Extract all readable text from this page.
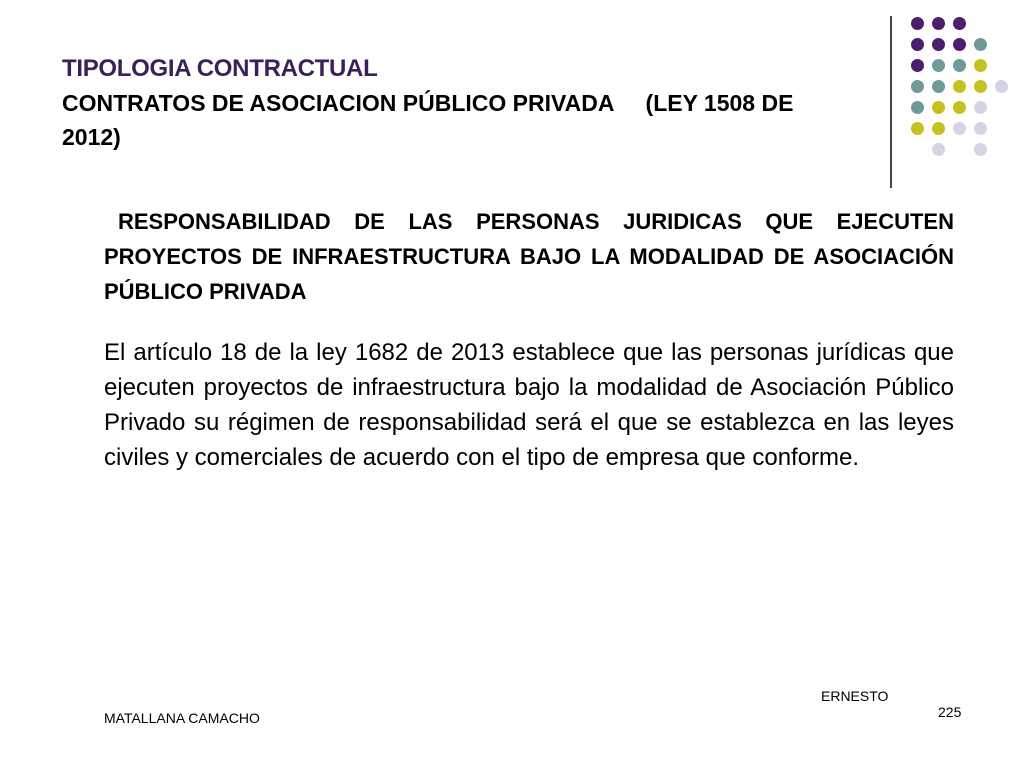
TIPOLOGIA CONTRACTUAL
CONTRATOS DE ASOCIACION PÚBLICO PRIVADA     (LEY 1508 DE 2012)

RESPONSABILIDAD DE LAS PERSONAS JURIDICAS QUE EJECUTEN PROYECTOS DE INFRAESTRUCTURA BAJO LA MODALIDAD DE ASOCIACIÓN PÚBLICO PRIVADA

El artículo 18 de la ley 1682 de 2013 establece que las personas jurídicas que ejecuten proyectos de infraestructura bajo la modalidad de Asociación Público Privado su régimen de responsabilidad será el que se establezca en las leyes civiles y comerciales de acuerdo con el tipo de empresa que conforme.

ERNESTO
MATALLANA CAMACHO	225
